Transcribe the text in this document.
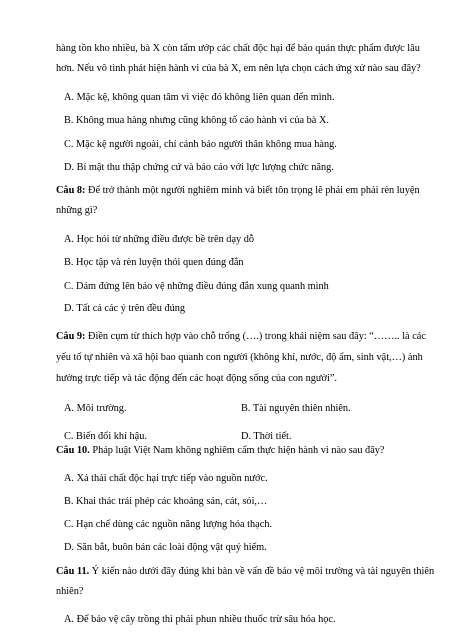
hàng tồn kho nhiều, bà X còn tẩm ướp các chất độc hại để bảo quản thực phẩm được lâu
hơn. Nếu vô tình phát hiện hành vi của bà X, em nên lựa chọn cách ứng xử nào sau đây?
A. Mặc kệ, không quan tâm vì việc đó không liên quan đến mình.
B. Không mua hàng nhưng cũng không tố cáo hành vi của bà X.
C. Mặc kệ người ngoài, chỉ cảnh báo người thân không mua hàng.
D. Bí mật thu thập chứng cứ và báo cáo với lực lượng chức năng.
Câu 8: Để trở thành một người nghiêm minh và biết tôn trọng lẽ phải em phải rèn luyện
những gì?
A. Học hỏi từ những điều được bề trên dạy dỗ
B. Học tập và rèn luyện thói quen đúng đắn
C. Dám đứng lên bảo vệ những điều đúng đắn xung quanh mình
D. Tất cả các ý trên đều đúng
Câu 9: Điền cụm từ thích hợp vào chỗ trống (….) trong khái niệm sau đây: “…….. là các
yếu tố tự nhiên và xã hội bao quanh con người (không khí, nước, độ ẩm, sinh vật,…) ảnh
hưởng trực tiếp và tác động đến các hoạt động sống của con người”.
A. Môi trường.	B. Tài nguyên thiên nhiên.
C. Biến đổi khí hậu.	D. Thời tiết.
Câu 10. Pháp luật Việt Nam không nghiêm cấm thực hiện hành vi nào sau đây?
A. Xả thải chất độc hại trực tiếp vào nguồn nước.
B. Khai thác trái phép các khoáng sản, cát, sỏi,…
C. Hạn chế dùng các nguồn năng lượng hóa thạch.
D. Săn bắt, buôn bán các loài động vật quý hiếm.
Câu 11. Ý kiến nào dưới đây đúng khi bàn về vấn đề bảo vệ môi trường và tài nguyên thiên
nhiên?
A. Để bảo vệ cây trồng thì phải phun nhiều thuốc trừ sâu hóa học.
